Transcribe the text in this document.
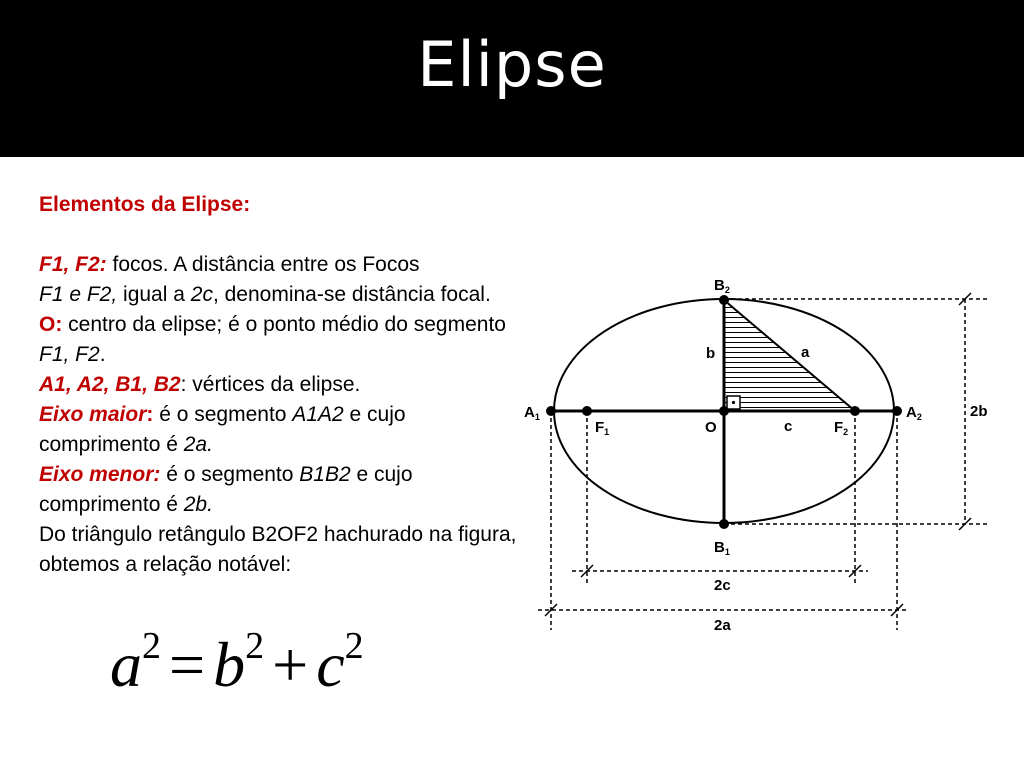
Elipse

Elementos da Elipse:

F1, F2: focos. A distância entre os Focos
F1 e F2, igual a 2c, denomina-se distância focal.

O: centro da elipse; é o ponto médio do segmento F1, F2.

A1, A2, B1, B2: vértices da elipse.

Eixo maior: é o segmento A1A2 e cujo comprimento é 2a.

Eixo menor: é o segmento B1B2 e cujo comprimento é 2b.

Do triângulo retângulo B2OF2 hachurado na figura, obtemos a relação notável:

$a^2 = b^2 + c^2$
$B_2$
$B_1$
$A_1$	$A_2$
$F_1$	$F_2$
O
b	a
c
2b
2c
2a
